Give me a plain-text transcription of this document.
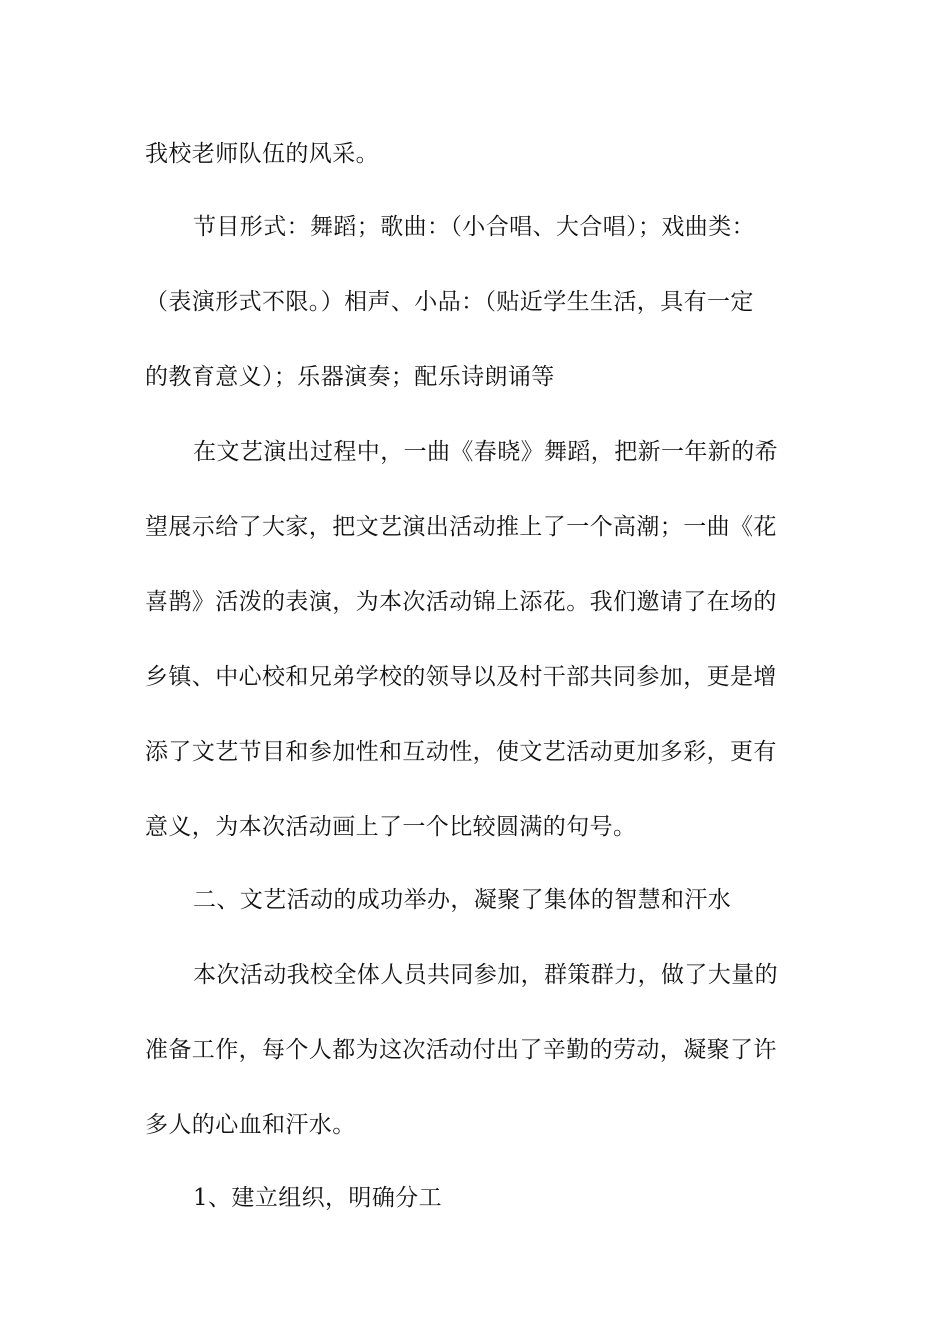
我校老师队伍的风采。
节目形式：舞蹈；歌曲：（小合唱、大合唱）；戏曲类：
（表演形式不限。）相声、小品：（贴近学生生活，具有一定
的教育意义）；乐器演奏；配乐诗朗诵等
在文艺演出过程中，一曲《春晓》舞蹈，把新一年新的希
望展示给了大家，把文艺演出活动推上了一个高潮；一曲《花
喜鹊》活泼的表演，为本次活动锦上添花。我们邀请了在场的
乡镇、中心校和兄弟学校的领导以及村干部共同参加，更是增
添了文艺节目和参加性和互动性，使文艺活动更加多彩，更有
意义，为本次活动画上了一个比较圆满的句号。
二、文艺活动的成功举办，凝聚了集体的智慧和汗水
本次活动我校全体人员共同参加，群策群力，做了大量的
准备工作，每个人都为这次活动付出了辛勤的劳动，凝聚了许
多人的心血和汗水。
1、建立组织，明确分工
